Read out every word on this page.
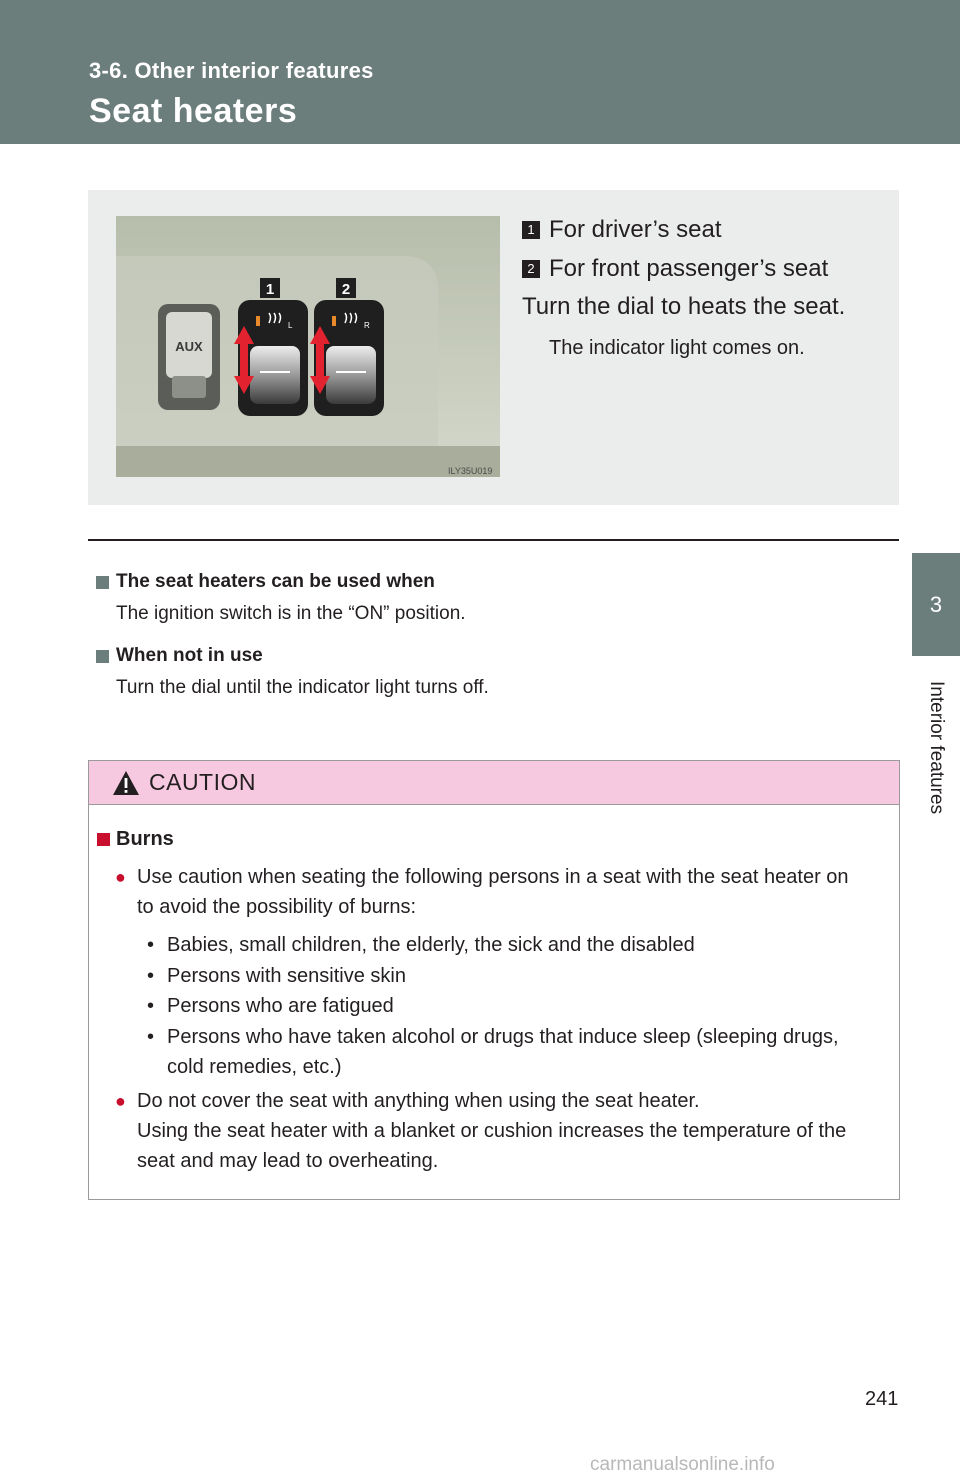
3-6. Other interior features
Seat heaters
3
Interior features
1	2
AUX
L	R
ILY35U019
1 For driver’s seat
2 For front passenger’s seat
Turn the dial to heats the seat.
The indicator light comes on.
The seat heaters can be used when
The ignition switch is in the “ON” position.
When not in use
Turn the dial until the indicator light turns off.
CAUTION
Burns
● Use caution when seating the following persons in a seat with the seat heater on
to avoid the possibility of burns:
• Babies, small children, the elderly, the sick and the disabled
• Persons with sensitive skin
• Persons who are fatigued
• Persons who have taken alcohol or drugs that induce sleep (sleeping drugs,
cold remedies, etc.)
● Do not cover the seat with anything when using the seat heater.
Using the seat heater with a blanket or cushion increases the temperature of the
seat and may lead to overheating.
241
carmanualsonline.info
